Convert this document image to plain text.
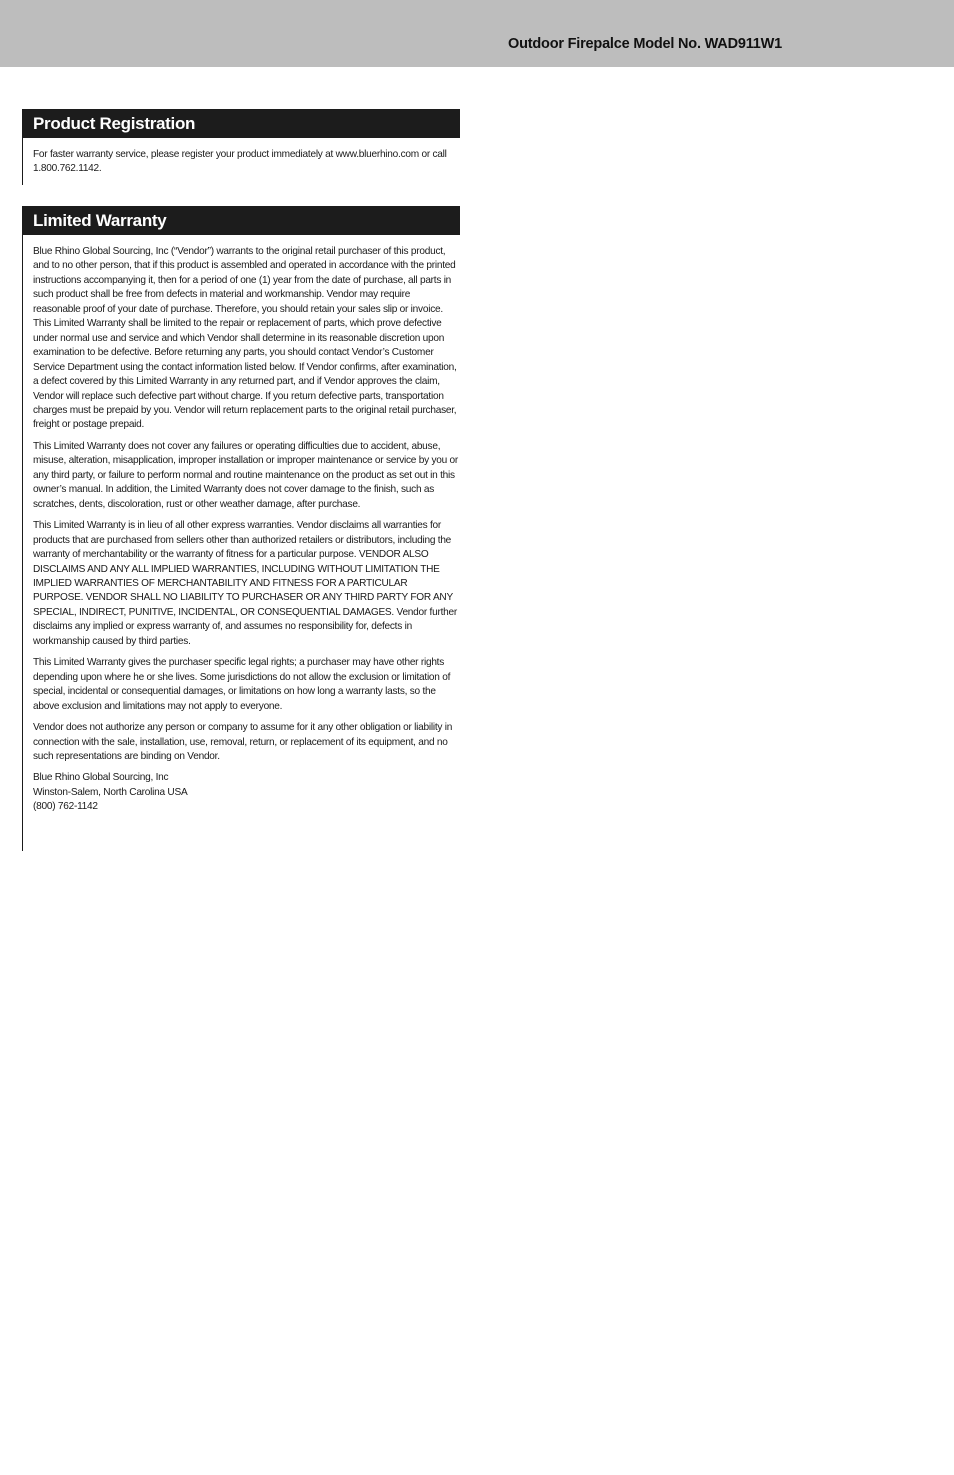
Outdoor Firepalce Model No. WAD911W1
Product Registration

For faster warranty service, please register your product immediately at www.bluerhino.com or call 1.800.762.1142.

Limited Warranty

Blue Rhino Global Sourcing, Inc (“Vendor”) warrants to the original retail purchaser of this product, and to no other person, that if this product is assembled and operated in accordance with the printed instructions accompanying it, then for a period of one (1) year from the date of purchase, all parts in such product shall be free from defects in material and workmanship. Vendor may require reasonable proof of your date of purchase. Therefore, you should retain your sales slip or invoice. This Limited Warranty shall be limited to the repair or replacement of parts, which prove defective under normal use and service and which Vendor shall determine in its reasonable discretion upon examination to be defective. Before returning any parts, you should contact Vendor’s Customer Service Department using the contact information listed below. If Vendor confirms, after examination, a defect covered by this Limited Warranty in any returned part, and if Vendor approves the claim, Vendor will replace such defective part without charge. If you return defective parts, transportation charges must be prepaid by you. Vendor will return replacement parts to the original retail purchaser, freight or postage prepaid.

This Limited Warranty does not cover any failures or operating difficulties due to accident, abuse, misuse, alteration, misapplication, improper installation or improper maintenance or service by you or any third party, or failure to perform normal and routine maintenance on the product as set out in this owner’s manual. In addition, the Limited Warranty does not cover damage to the finish, such as scratches, dents, discoloration, rust or other weather damage, after purchase.

This Limited Warranty is in lieu of all other express warranties. Vendor disclaims all warranties for products that are purchased from sellers other than authorized retailers or distributors, including the warranty of merchantability or the warranty of fitness for a particular purpose. VENDOR ALSO DISCLAIMS AND ANY ALL IMPLIED WARRANTIES, INCLUDING WITHOUT LIMITATION THE IMPLIED WARRANTIES OF MERCHANTABILITY AND FITNESS FOR A PARTICULAR PURPOSE. VENDOR SHALL NO LIABILITY TO PURCHASER OR ANY THIRD PARTY FOR ANY SPECIAL, INDIRECT, PUNITIVE, INCIDENTAL, OR CONSEQUENTIAL DAMAGES. Vendor further disclaims any implied or express warranty of, and assumes no responsibility for, defects in workmanship caused by third parties.

This Limited Warranty gives the purchaser specific legal rights; a purchaser may have other rights depending upon where he or she lives. Some jurisdictions do not allow the exclusion or limitation of special, incidental or consequential damages, or limitations on how long a warranty lasts, so the above exclusion and limitations may not apply to everyone.

Vendor does not authorize any person or company to assume for it any other obligation or liability in connection with the sale, installation, use, removal, return, or replacement of its equipment, and no such representations are binding on Vendor.

Blue Rhino Global Sourcing, Inc
Winston-Salem, North Carolina USA
(800) 762-1142
